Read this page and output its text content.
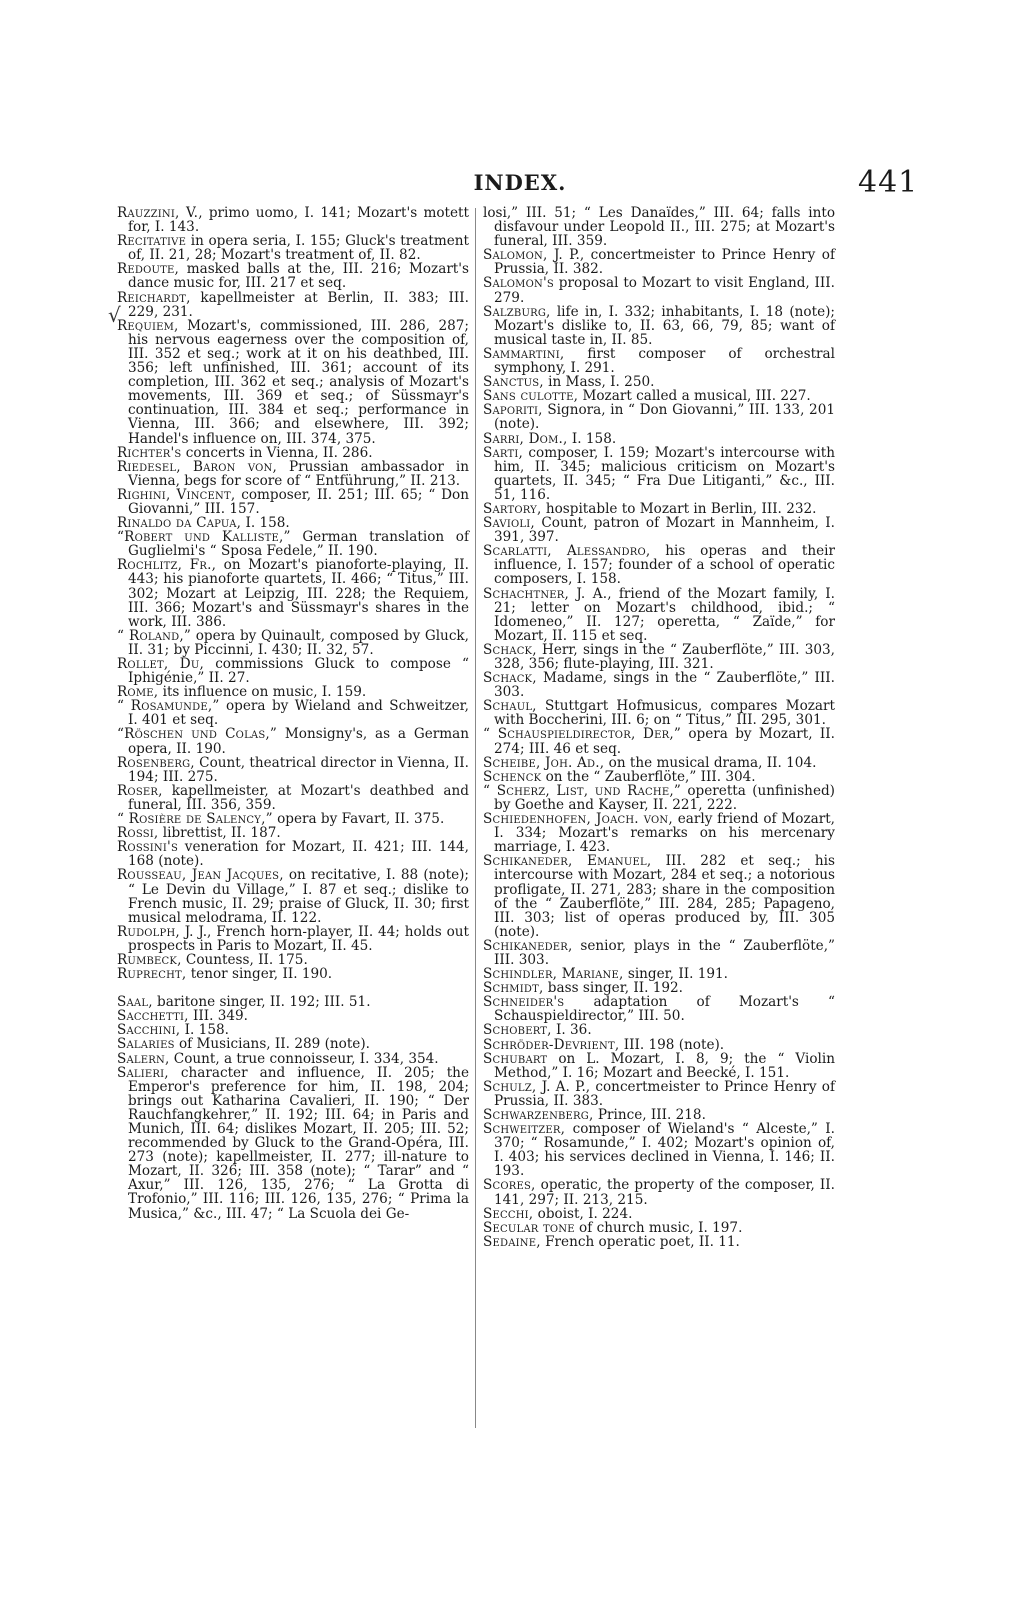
INDEX.	441
√

Rauzzini, V., primo uomo, I. 141; Mozart's motett for, I. 143.

Recitative in opera seria, I. 155; Gluck's treatment of, II. 21, 28; Mozart's treatment of, II. 82.

Redoute, masked balls at the, III. 216; Mozart's dance music for, III. 217 et seq.

Reichardt, kapellmeister at Berlin, II. 383; III. 229, 231.

Requiem, Mozart's, commissioned, III. 286, 287; his nervous eagerness over the composition of, III. 352 et seq.; work at it on his deathbed, III. 356; left unfinished, III. 361; account of its completion, III. 362 et seq.; analysis of Mozart's movements, III. 369 et seq.; of Süssmayr's continuation, III. 384 et seq.; performance in Vienna, III. 366; and elsewhere, III. 392; Handel's influence on, III. 374, 375.

Richter's concerts in Vienna, II. 286.

Riedesel, Baron von, Prussian ambassador in Vienna, begs for score of “ Entführung,” II. 213.

Righini, Vincent, composer, II. 251; III. 65; “ Don Giovanni,” III. 157.

Rinaldo da Capua, I. 158.

“Robert und Kalliste,” German translation of Guglielmi's “ Sposa Fedele,” II. 190.

Rochlitz, Fr., on Mozart's pianoforte-playing, II. 443; his pianoforte quartets, II. 466; “ Titus,” III. 302; Mozart at Leipzig, III. 228; the Requiem, III. 366; Mozart's and Süssmayr's shares in the work, III. 386.

“ Roland,” opera by Quinault, composed by Gluck, II. 31; by Piccinni, I. 430; II. 32, 57.

Rollet, Du, commissions Gluck to compose “ Iphigénie,” II. 27.

Rome, its influence on music, I. 159.

“ Rosamunde,” opera by Wieland and Schweitzer, I. 401 et seq.

“Röschen und Colas,” Monsigny's, as a German opera, II. 190.

Rosenberg, Count, theatrical director in Vienna, II. 194; III. 275.

Roser, kapellmeister, at Mozart's deathbed and funeral, III. 356, 359.

“ Rosière de Salency,” opera by Favart, II. 375.

Rossi, librettist, II. 187.

Rossini's veneration for Mozart, II. 421; III. 144, 168 (note).

Rousseau, Jean Jacques, on recitative, I. 88 (note); “ Le Devin du Village,” I. 87 et seq.; dislike to French music, II. 29; praise of Gluck, II. 30; first musical melodrama, II. 122.

Rudolph, J. J., French horn-player, II. 44; holds out prospects in Paris to Mozart, II. 45.

Rumbeck, Countess, II. 175.

Ruprecht, tenor singer, II. 190.

Saal, baritone singer, II. 192; III. 51.

Sacchetti, III. 349.

Sacchini, I. 158.

Salaries of Musicians, II. 289 (note).

Salern, Count, a true connoisseur, I. 334, 354.

Salieri, character and influence, II. 205; the Emperor's preference for him, II. 198, 204; brings out Katharina Cavalieri, II. 190; “ Der Rauchfangkehrer,” II. 192; III. 64; in Paris and Munich, III. 64; dislikes Mozart, II. 205; III. 52; recommended by Gluck to the Grand-Opéra, III. 273 (note); kapellmeister, II. 277; ill-nature to Mozart, II. 326; III. 358 (note); “ Tarar” and “ Axur,” III. 126, 135, 276; “ La Grotta di Trofonio,” III. 116; III. 126, 135, 276; “ Prima la Musica,” &c., III. 47; “ La Scuola dei Ge-

losi,” III. 51; “ Les Danaïdes,” III. 64; falls into disfavour under Leopold II., III. 275; at Mozart's funeral, III. 359.

Salomon, J. P., concertmeister to Prince Henry of Prussia, II. 382.

Salomon's proposal to Mozart to visit England, III. 279.

Salzburg, life in, I. 332; inhabitants, I. 18 (note); Mozart's dislike to, II. 63, 66, 79, 85; want of musical taste in, II. 85.

Sammartini, first composer of orchestral symphony, I. 291.

Sanctus, in Mass, I. 250.

Sans culotte, Mozart called a musical, III. 227.

Saporiti, Signora, in “ Don Giovanni,” III. 133, 201 (note).

Sarri, Dom., I. 158.

Sarti, composer, I. 159; Mozart's intercourse with him, II. 345; malicious criticism on Mozart's quartets, II. 345; “ Fra Due Litiganti,” &c., III. 51, 116.

Sartory, hospitable to Mozart in Berlin, III. 232.

Savioli, Count, patron of Mozart in Mannheim, I. 391, 397.

Scarlatti, Alessandro, his operas and their influence, I. 157; founder of a school of operatic composers, I. 158.

Schachtner, J. A., friend of the Mozart family, I. 21; letter on Mozart's childhood, ibid.; “ Idomeneo,” II. 127; operetta, “ Zaïde,” for Mozart, II. 115 et seq.

Schack, Herr, sings in the “ Zauberflöte,” III. 303, 328, 356; flute-playing, III. 321.

Schack, Madame, sings in the “ Zauberflöte,” III. 303.

Schaul, Stuttgart Hofmusicus, compares Mozart with Boccherini, III. 6; on “ Titus,” III. 295, 301.

“ Schauspieldirector, Der,” opera by Mozart, II. 274; III. 46 et seq.

Scheibe, Joh. Ad., on the musical drama, II. 104.

Schenck on the “ Zauberflöte,” III. 304.

“ Scherz, List, und Rache,” operetta (unfinished) by Goethe and Kayser, II. 221, 222.

Schiedenhofen, Joach. von, early friend of Mozart, I. 334; Mozart's remarks on his mercenary marriage, I. 423.

Schikaneder, Emanuel, III. 282 et seq.; his intercourse with Mozart, 284 et seq.; a notorious profligate, II. 271, 283; share in the composition of the “ Zauberflöte,” III. 284, 285; Papageno, III. 303; list of operas produced by, III. 305 (note).

Schikaneder, senior, plays in the “ Zauberflöte,” III. 303.

Schindler, Mariane, singer, II. 191.

Schmidt, bass singer, II. 192.

Schneider's adaptation of Mozart's “ Schauspieldirector,” III. 50.

Schobert, I. 36.

Schröder-Devrient, III. 198 (note).

Schubart on L. Mozart, I. 8, 9; the “ Violin Method,” I. 16; Mozart and Beecké, I. 151.

Schulz, J. A. P., concertmeister to Prince Henry of Prussia, II. 383.

Schwarzenberg, Prince, III. 218.

Schweitzer, composer of Wieland's “ Alceste,” I. 370; “ Rosamunde,” I. 402; Mozart's opinion of, I. 403; his services declined in Vienna, I. 146; II. 193.

Scores, operatic, the property of the composer, II. 141, 297; II. 213, 215.

Secchi, oboist, I. 224.

Secular tone of church music, I. 197.

Sedaine, French operatic poet, II. 11.
